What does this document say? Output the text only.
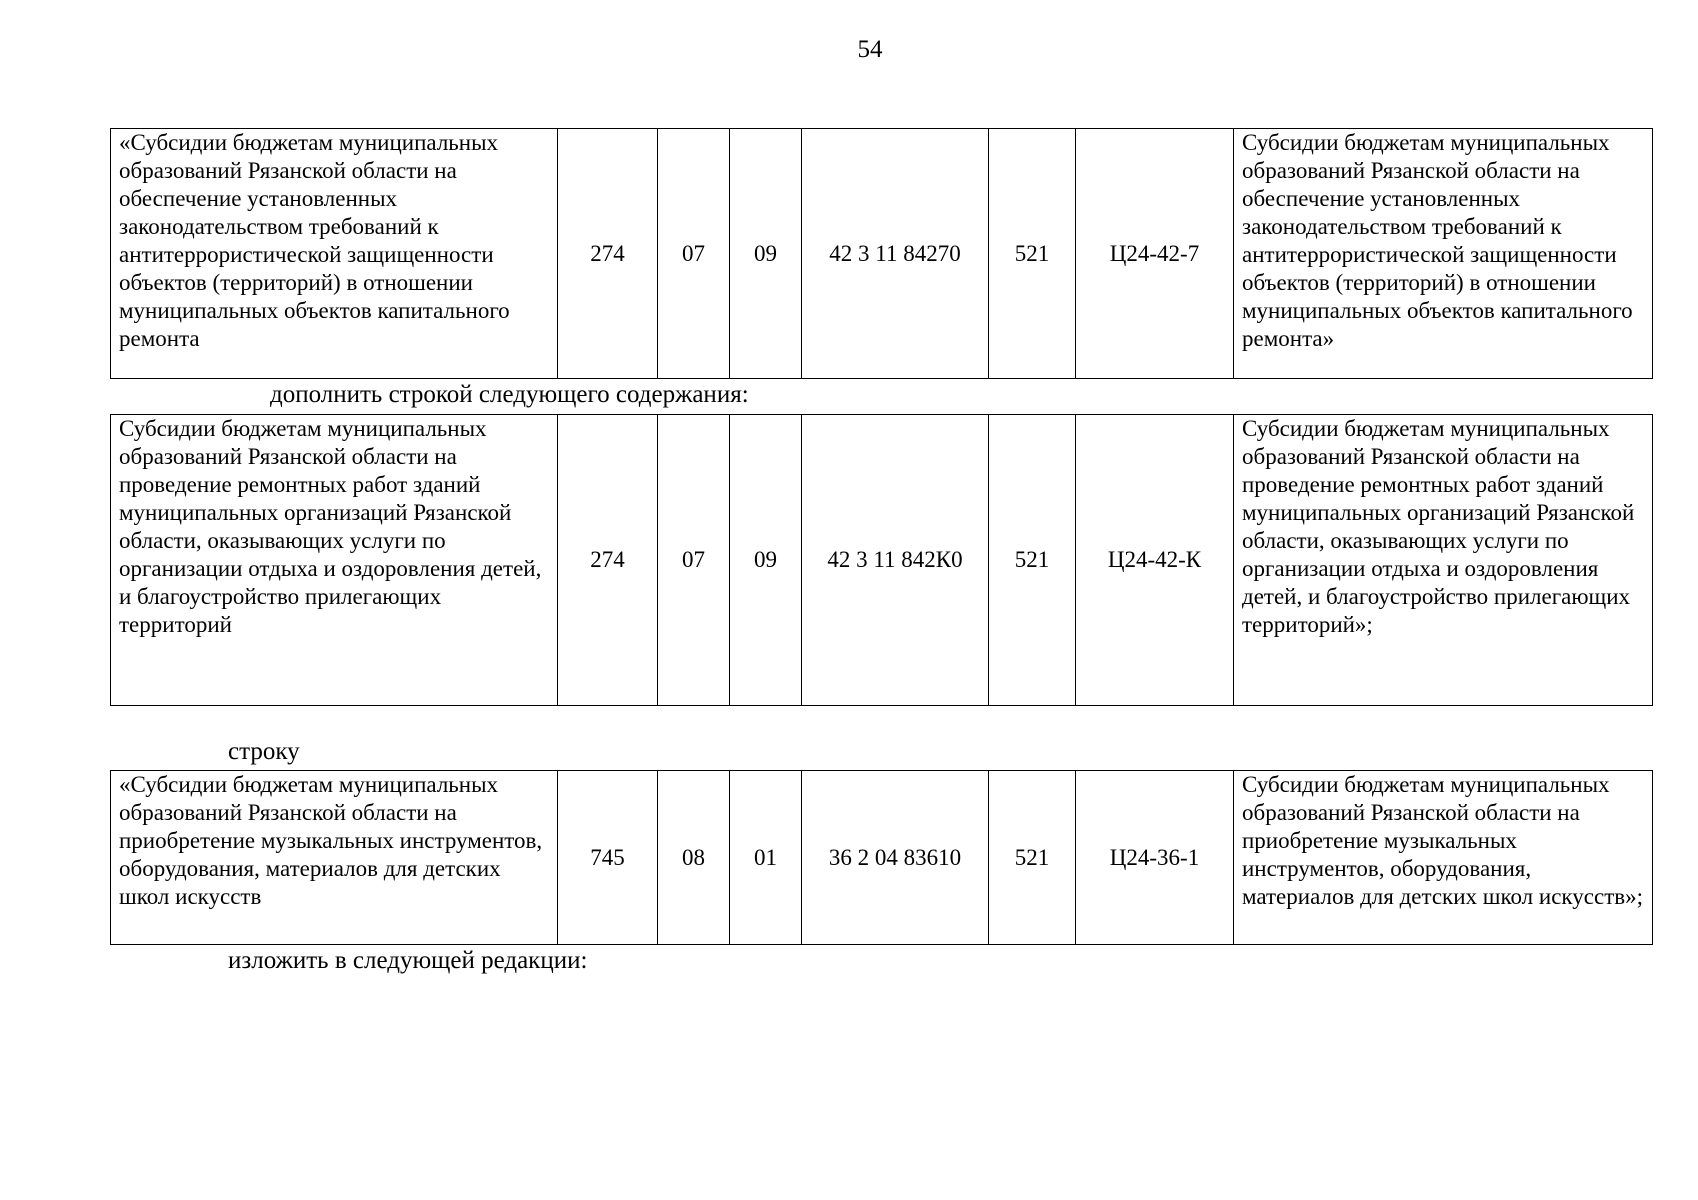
54
«Субсидии бюджетам муниципальных образований Рязанской области на обеспечение установленных законодательством требований к антитеррористической защищенности объектов (территорий) в отношении муниципальных объектов капитального ремонта	274	07	09	42 3 11 84270	521	Ц24-42-7	Субсидии бюджетам муниципальных образований Рязанской области на обеспечение установленных законодательством требований к антитеррористической защищенности объектов (территорий) в отношении муниципальных объектов капитального ремонта»
дополнить строкой следующего содержания:
Субсидии бюджетам муниципальных образований Рязанской области на проведение ремонтных работ зданий муниципальных организаций Рязанской области, оказывающих услуги по организации отдыха и оздоровления детей, и благоустройство прилегающих территорий	274	07	09	42 3 11 842К0	521	Ц24-42-К	Субсидии бюджетам муниципальных образований Рязанской области на проведение ремонтных работ зданий муниципальных организаций Рязанской области, оказывающих услуги по организации отдыха и оздоровления детей, и благоустройство прилегающих территорий»;
строку
«Субсидии бюджетам муниципальных образований Рязанской области на приобретение музыкальных инструментов, оборудования, материалов для детских школ искусств	745	08	01	36 2 04 83610	521	Ц24-36-1	Субсидии бюджетам муниципальных образований Рязанской области на приобретение музыкальных инструментов, оборудования, материалов для детских школ искусств»;
изложить в следующей редакции:
